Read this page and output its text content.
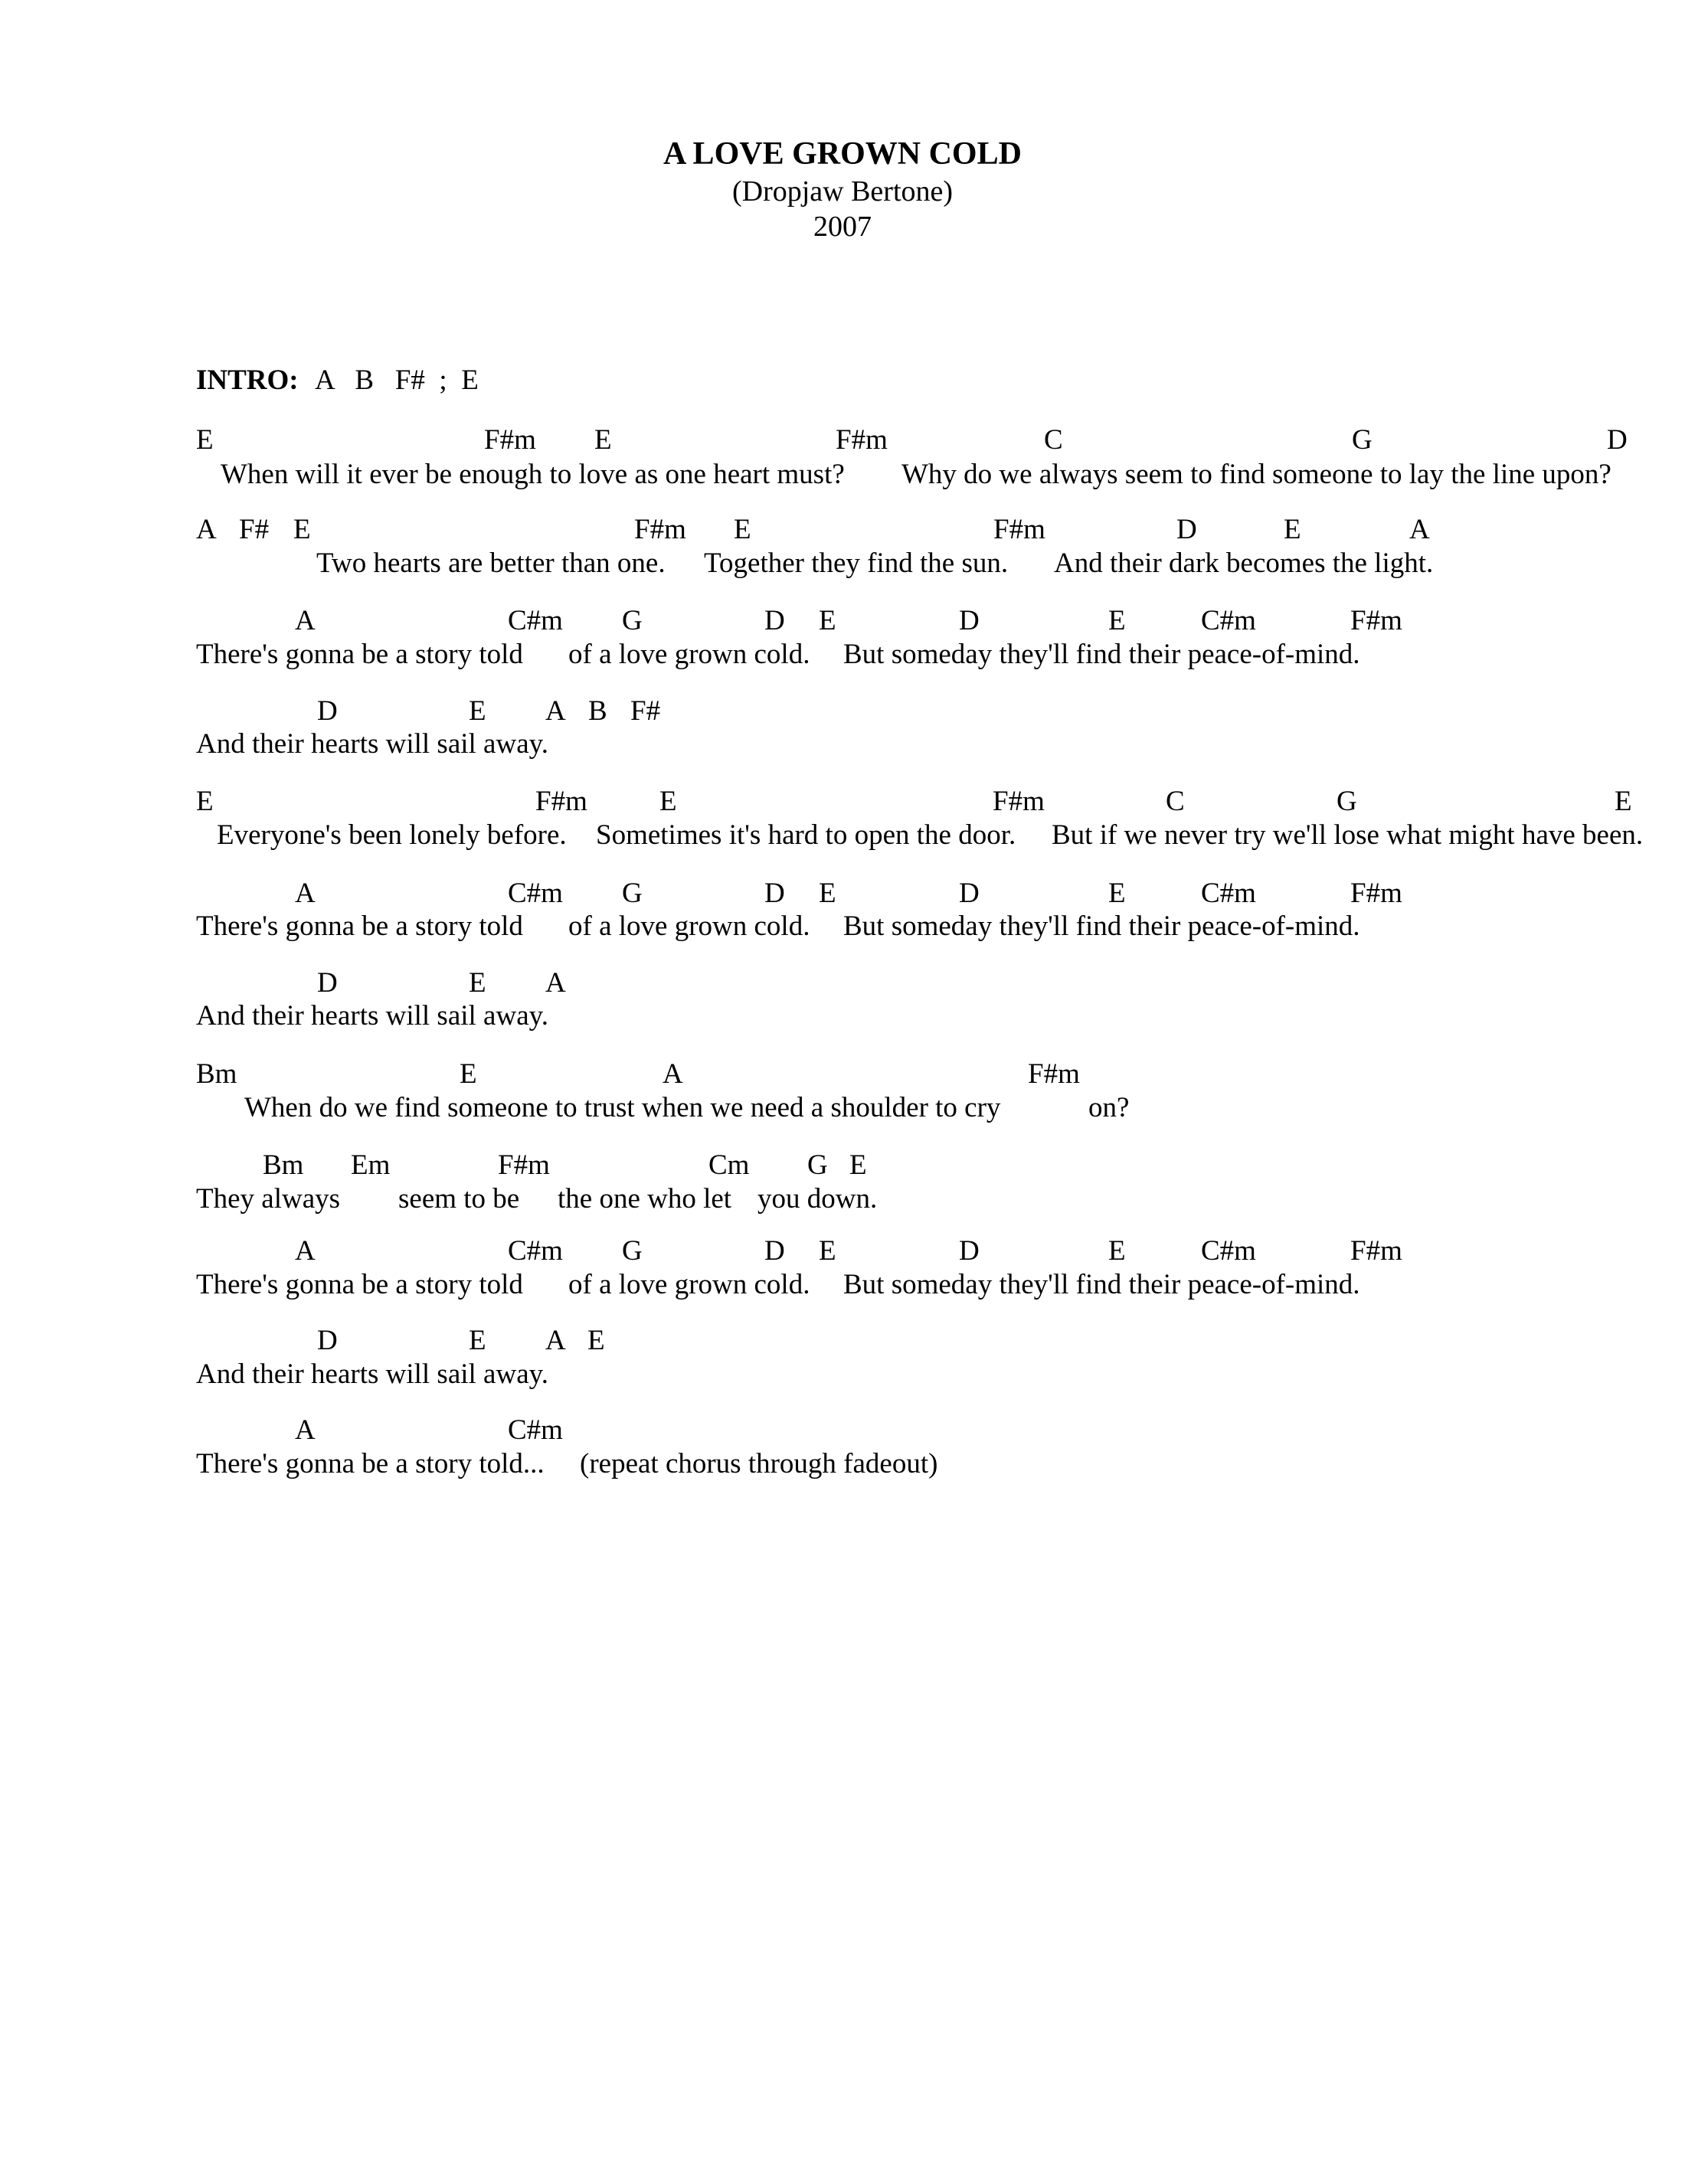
A LOVE GROWN COLD
(Dropjaw Bertone)
2007
INTRO: A   B   F#  ;  E
E	F#m E	F#m	C	G	D
When will it ever be enough to love as one heart must? Why do we always seem to find someone to lay the line upon?
A F# E	F#m E	F#m	D	E	A
Two hearts are better than one. Together they find the sun. And their dark becomes the light.
A	C#m G	D E	D	E	C#m	F#m
There's gonna be a story told of a love grown cold. But someday they'll find their peace-of-mind.
D	E A B F#
And their hearts will sail away.
E	F#m	E	F#m	C	G	E
Everyone's been lonely before. Sometimes it's hard to open the door. But if we never try we'll lose what might have been.
A	C#m G	D E	D	E	C#m	F#m
There's gonna be a story told of a love grown cold. But someday they'll find their peace-of-mind.
D	E A
And their hearts will sail away.
Bm	E	A	F#m
When do we find someone to trust when we need a shoulder to cry	on?
Bm Em	F#m	Cm G E
They always seem to be the one who let you down.
A	C#m G	D E	D	E	C#m	F#m
There's gonna be a story told of a love grown cold. But someday they'll find their peace-of-mind.
D	E A E
And their hearts will sail away.
A	C#m
There's gonna be a story told... (repeat chorus through fadeout)
